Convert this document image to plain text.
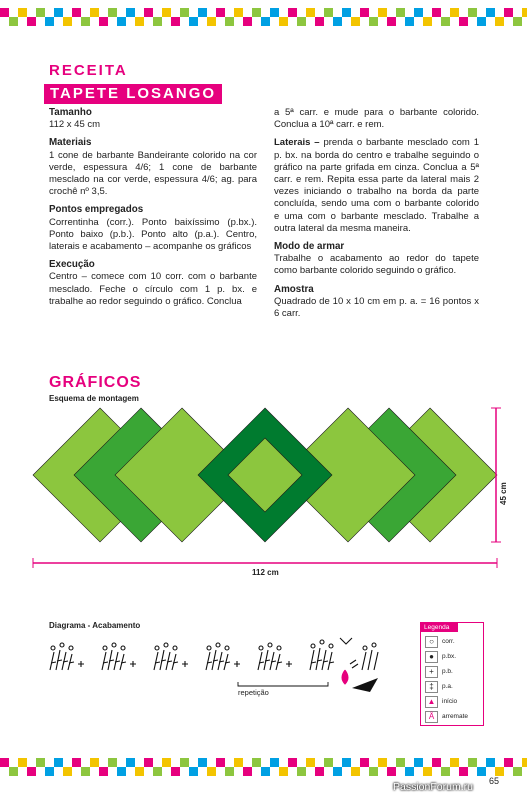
RECEITA
TAPETE LOSANGO
Tamanho

112 x 45 cm

Materiais

1 cone de barbante Bandeirante colorido na cor verde, espessura 4/6; 1 cone de barbante mesclado na cor verde, espessura 4/6; ag. para crochê nº 3,5.

Pontos empregados

Correntinha (corr.). Ponto baixíssimo (p.bx.). Ponto baixo (p.b.). Ponto alto (p.a.). Centro, laterais e acabamento – acompanhe os gráficos

Execução

Centro – comece com 10 corr. com o barbante mesclado. Feche o círculo com 1 p. bx. e trabalhe ao redor seguindo o gráfico. Conclua

a 5ª carr. e mude para o barbante colorido. Conclua a 10ª carr. e rem.

Laterais – prenda o barbante mesclado com 1 p. bx. na borda do centro e trabalhe seguindo o gráfico na parte grifada em cinza. Conclua a 5ª carr. e rem. Repita essa parte da lateral mais 2 vezes iniciando o trabalho na borda da parte concluída, sendo uma com o barbante colorido e uma com o barbante mesclado. Trabalhe a outra lateral da mesma maneira.

Modo de armar

Trabalhe o acabamento ao redor do tapete como barbante colorido seguindo o gráfico.

Amostra

Quadrado de 10 x 10 cm em p. a. = 16 pontos x 6 carr.

GRÁFICOS
Esquema de montagem
112 cm
45 cm
Diagrama - Acabamento
repetição
Legenda
○	corr.
●	p.bx.
+	p.b.
‡	p.a.
▲	início
Å	arremate
65
PassionForum.ru
